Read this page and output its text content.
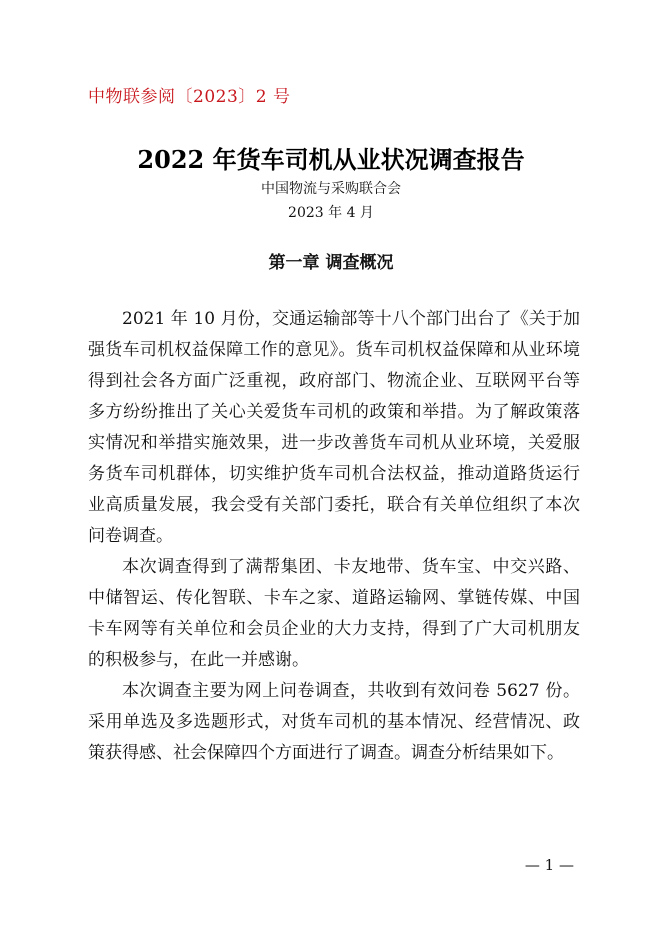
中物联参阅〔2023〕2 号
2022 年货车司机从业状况调查报告
中国物流与采购联合会
2023 年 4 月
第一章 调查概况

2021 年 10 月份，交通运输部等十八个部门出台了《关于加强货车司机权益保障工作的意见》。货车司机权益保障和从业环境得到社会各方面广泛重视，政府部门、物流企业、互联网平台等多方纷纷推出了关心关爱货车司机的政策和举措。为了解政策落实情况和举措实施效果，进一步改善货车司机从业环境，关爱服务货车司机群体，切实维护货车司机合法权益，推动道路货运行业高质量发展，我会受有关部门委托，联合有关单位组织了本次问卷调查。

本次调查得到了满帮集团、卡友地带、货车宝、中交兴路、中储智运、传化智联、卡车之家、道路运输网、掌链传媒、中国卡车网等有关单位和会员企业的大力支持，得到了广大司机朋友的积极参与，在此一并感谢。

本次调查主要为网上问卷调查，共收到有效问卷 5627 份。采用单选及多选题形式，对货车司机的基本情况、经营情况、政策获得感、社会保障四个方面进行了调查。调查分析结果如下。

— 1 —
